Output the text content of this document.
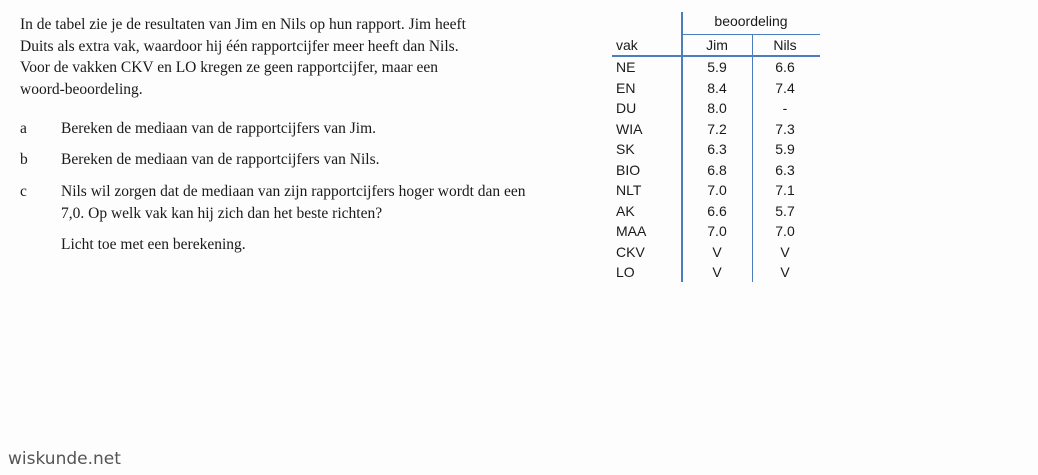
In de tabel zie je de resultaten van Jim en Nils op hun rapport. Jim heeft
Duits als extra vak, waardoor hij één rapportcijfer meer heeft dan Nils.
Voor de vakken CKV en LO kregen ze geen rapportcijfer, maar een
woord-beoordeling.
a Bereken de mediaan van de rapportcijfers van Jim.
b Bereken de mediaan van de rapportcijfers van Nils.
c Nils wil zorgen dat de mediaan van zijn rapportcijfers hoger wordt dan een
7,0. Op welk vak kan hij zich dan het beste richten?
Licht toe met een berekening.
beoordeling
vak	Jim	Nils
NE	5.9	6.6
EN	8.4	7.4
DU	8.0	-
WIA	7.2	7.3
SK	6.3	5.9
BIO	6.8	6.3
NLT	7.0	7.1
AK	6.6	5.7
MAA	7.0	7.0
CKV	V	V
LO	V	V
wiskunde.net
